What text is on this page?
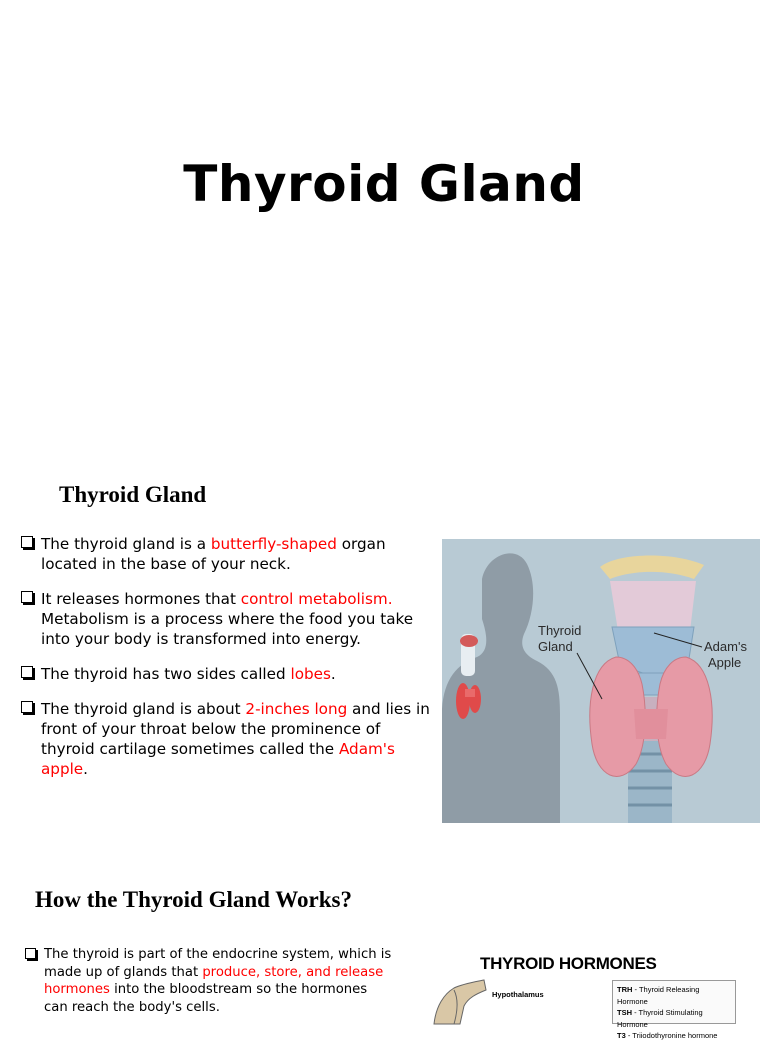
Thyroid Gland
Thyroid Gland
The thyroid gland is a butterfly-shaped organ located in the base of your neck.
It releases hormones that control metabolism. Metabolism is a process where the food you take into your body is transformed into energy.
The thyroid has two sides called lobes.
The thyroid gland is about 2-inches long and lies in front of your throat below the prominence of thyroid cartilage sometimes called the Adam's apple.
Thyroid
Gland	Adam's
Apple
How the Thyroid Gland Works?
The thyroid is part of the endocrine system, which is made up of glands that produce, store, and release hormones into the bloodstream so the hormones can reach the body's cells.
THYROID HORMONES
Hypothalamus
TRH - Thyroid Releasing Hormone
TSH - Thyroid Stimulating Hormone
T3 - Triiodothyronine hormone
